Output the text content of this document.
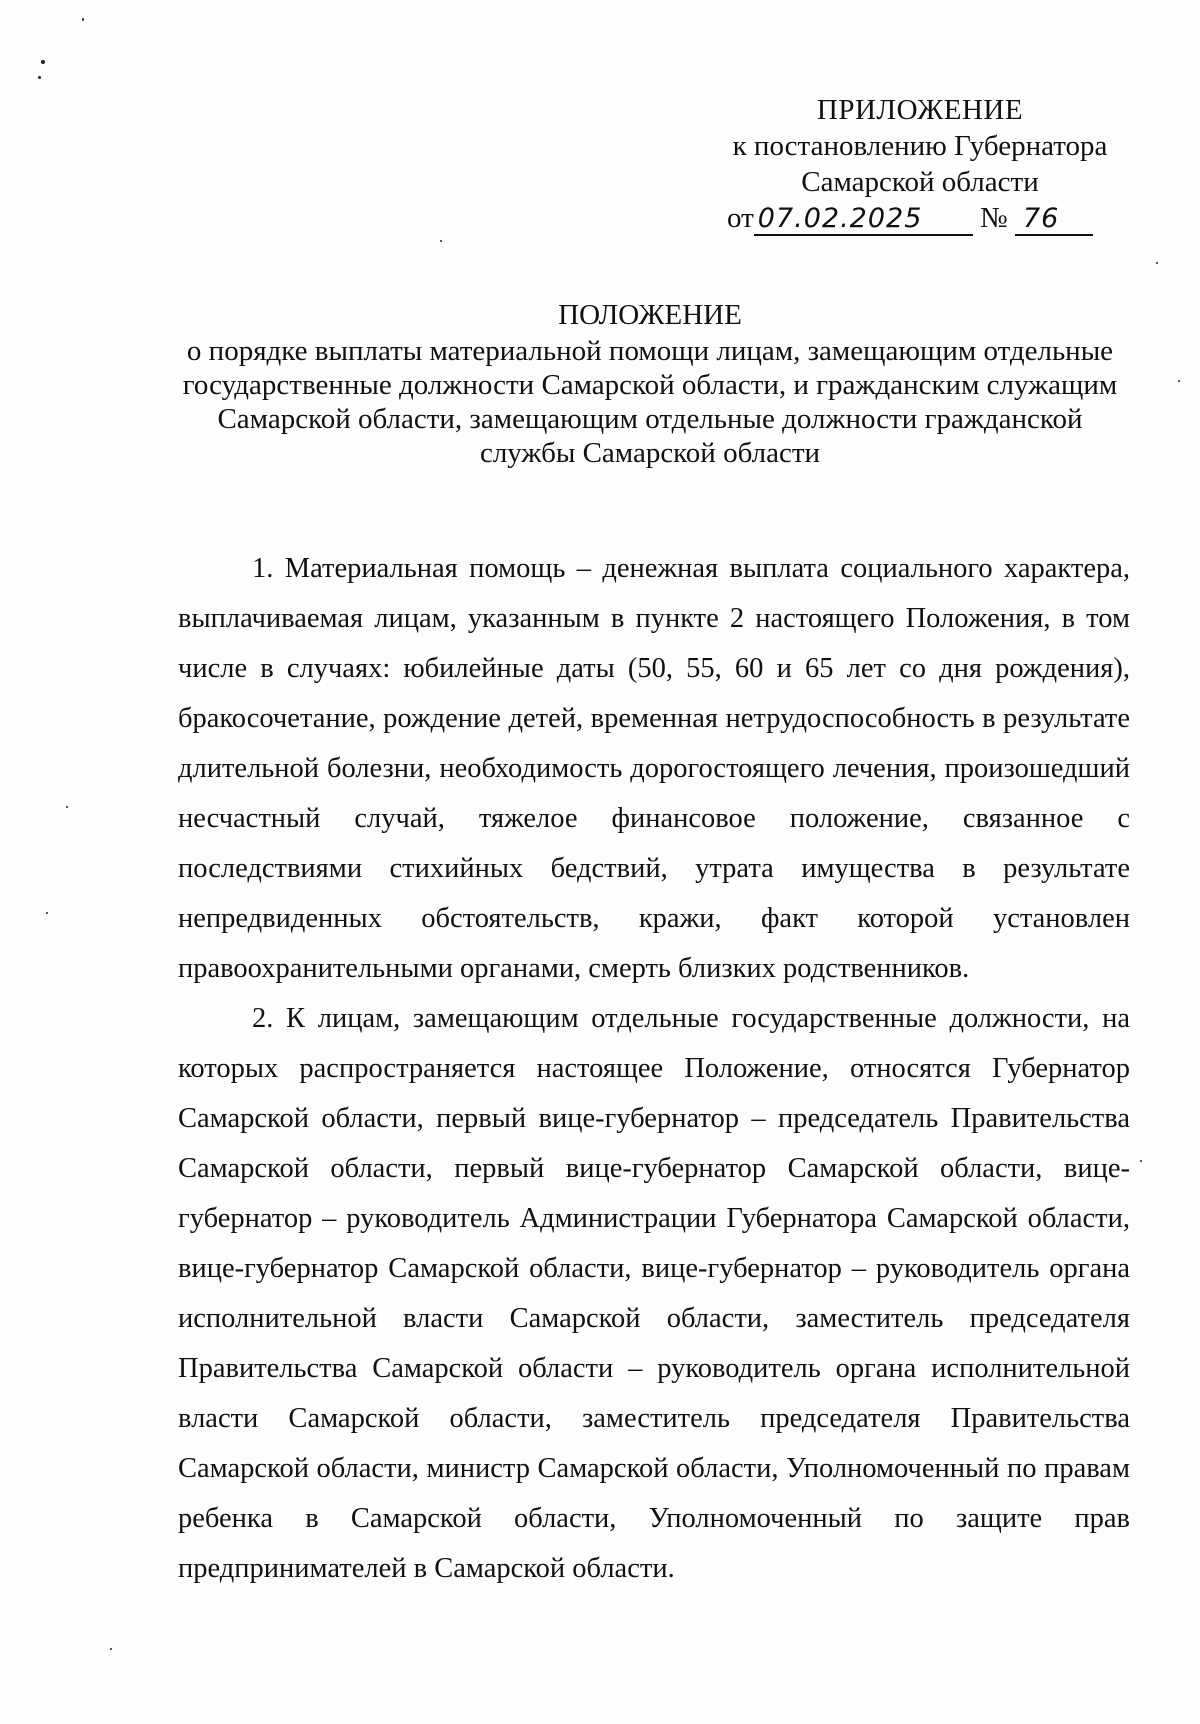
ПРИЛОЖЕНИЕ
к постановлению Губернатора
Самарской области
от 07.02.2025 № 76
ПОЛОЖЕНИЕ
о порядке выплаты материальной помощи лицам, замещающим отдельные
государственные должности Самарской области, и гражданским служащим
Самарской области, замещающим отдельные должности гражданской
службы Самарской области

1. Материальная помощь – денежная выплата социального характера, выплачиваемая лицам, указанным в пункте 2 настоящего Положения, в том числе в случаях: юбилейные даты (50, 55, 60 и 65 лет со дня рождения), бракосочетание, рождение детей, временная нетрудоспособность в результате длительной болезни, необходимость дорогостоящего лечения, произошедший несчастный случай, тяжелое финансовое положение, связанное с последствиями стихийных бедствий, утрата имущества в результате непредвиденных обстоятельств, кражи, факт которой установлен правоохранительными органами, смерть близких родственников.

2. К лицам, замещающим отдельные государственные должности, на которых распространяется настоящее Положение, относятся Губернатор Самарской области, первый вице-губернатор – председатель Правительства Самарской области, первый вице-губернатор Самарской области, вице-губернатор – руководитель Администрации Губернатора Самарской области, вице-губернатор Самарской области, вице-губернатор – руководитель органа исполнительной власти Самарской области, заместитель председателя Правительства Самарской области – руководитель органа исполнительной власти Самарской области, заместитель председателя Правительства Самарской области, министр Самарской области, Уполномоченный по правам ребенка в Самарской области, Уполномоченный по защите прав предпринимателей в Самарской области.
